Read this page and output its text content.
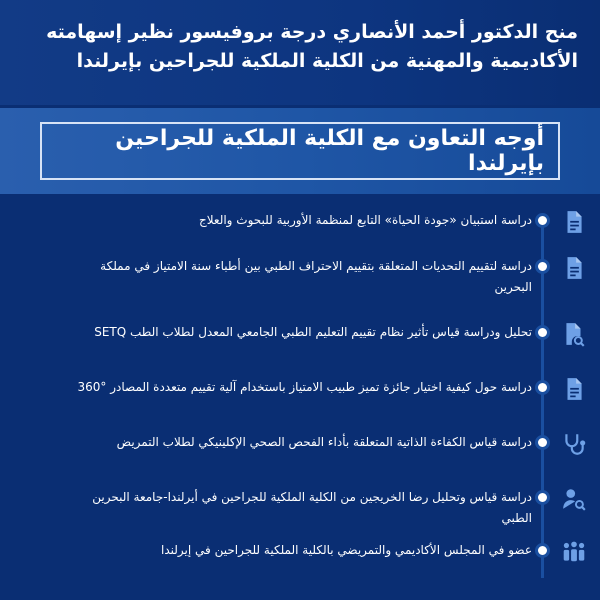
منح الدكتور أحمد الأنصاري درجة بروفيسور نظير إسهامته
الأكاديمية والمهنية من الكلية الملكية للجراحين بإيرلندا
أوجه التعاون مع الكلية الملكية للجراحين بإيرلندا
دراسة استبيان «جودة الحياة» التابع لمنظمة الأوربية للبحوث والعلاج
دراسة لتقييم التحديات المتعلقة بتقييم الاحتراف الطبي بين أطباء سنة الامتياز في مملكة البحرين
تحليل ودراسة قياس تأثير نظام تقييم التعليم الطبي الجامعي المعدل لطلاب الطب SETQ
دراسة حول كيفية اختيار جائزة تميز طبيب الامتياز باستخدام آلية تقييم متعددة المصادر °360
دراسة قياس الكفاءة الذاتية المتعلقة بأداء الفحص الصحي الإكلينيكي لطلاب التمريض
دراسة قياس وتحليل رضا الخريجين من الكلية الملكية للجراحين في أيرلندا-جامعة البحرين الطبي
عضو في المجلس الأكاديمي والتمريضي بالكلية الملكية للجراحين في إيرلندا
